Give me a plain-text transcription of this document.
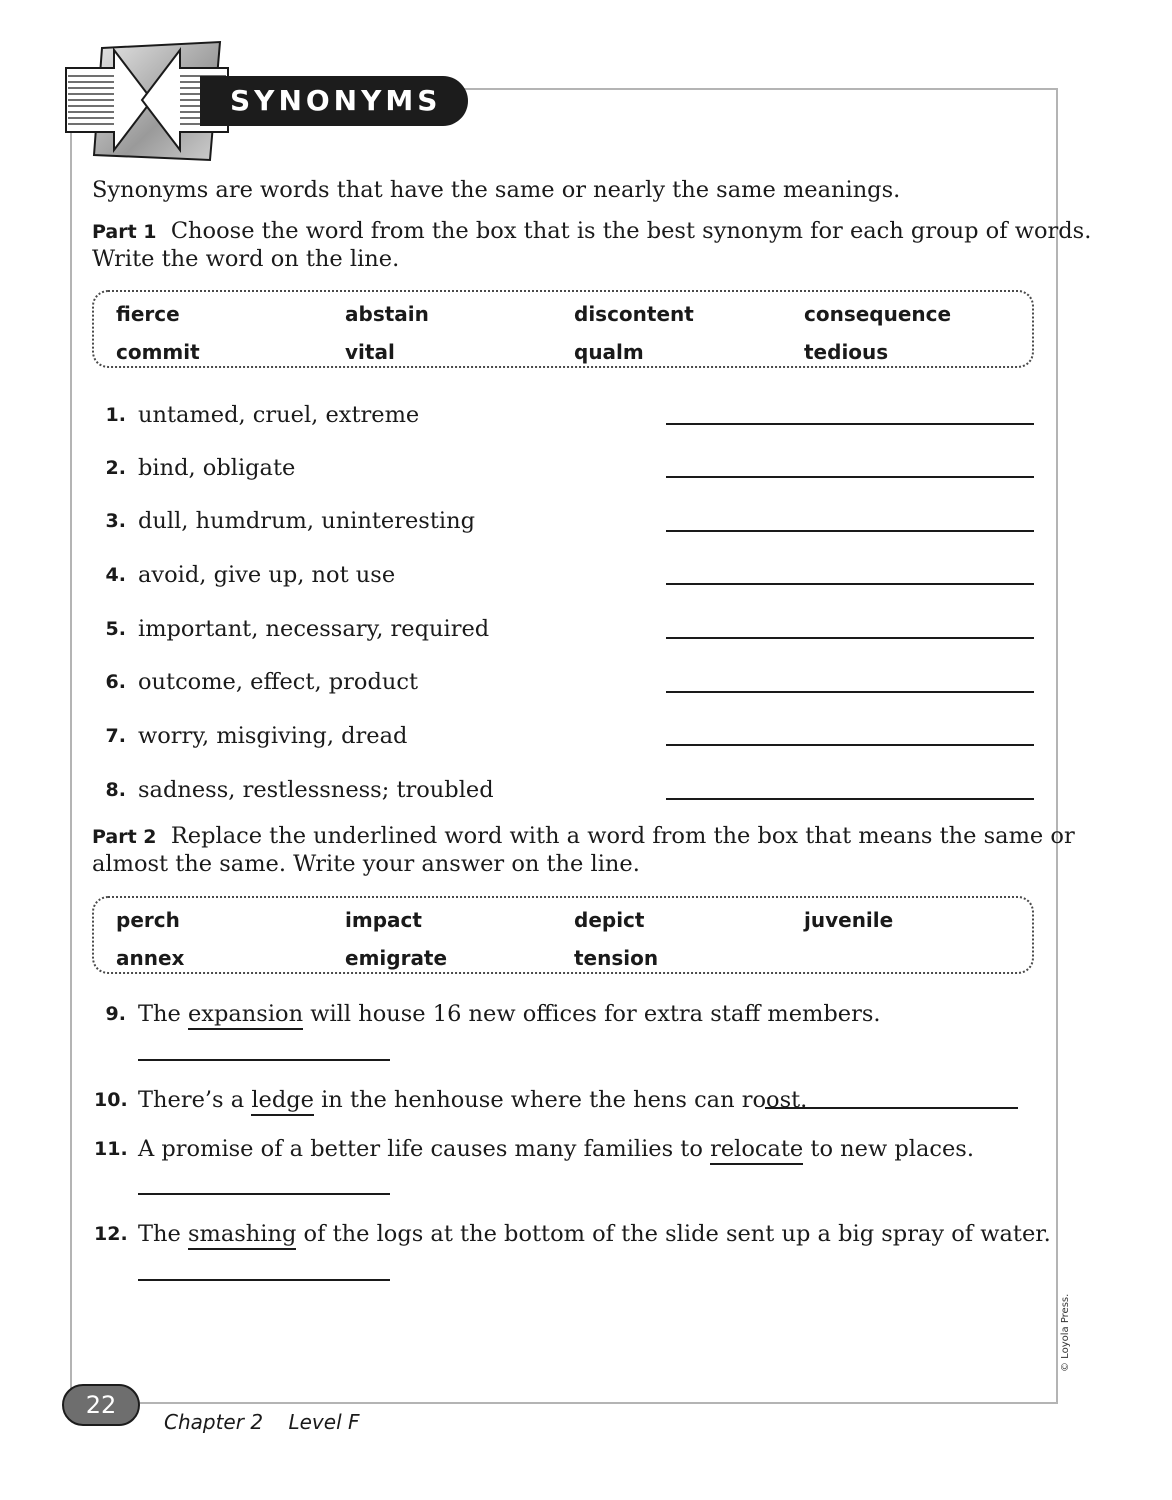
SYNONYMS
Synonyms are words that have the same or nearly the same meanings.
Part 1 Choose the word from the box that is the best synonym for each group of words.
Write the word on the line.
fierce	abstain	discontent	consequence
commit	vital	qualm	tedious
1. untamed, cruel, extreme
2. bind, obligate
3. dull, humdrum, uninteresting
4. avoid, give up, not use
5. important, necessary, required
6. outcome, effect, product
7. worry, misgiving, dread
8. sadness, restlessness; troubled
Part 2 Replace the underlined word with a word from the box that means the same or
almost the same. Write your answer on the line.
perch	impact	depict	juvenile
annex	emigrate	tension
9. The expansion will house 16 new offices for extra staff members.
10. There’s a ledge in the henhouse where the hens can roost.
11. A promise of a better life causes many families to relocate to new places.
12. The smashing of the logs at the bottom of the slide sent up a big spray of water.
22
Chapter 2 Level F
© Loyola Press.
